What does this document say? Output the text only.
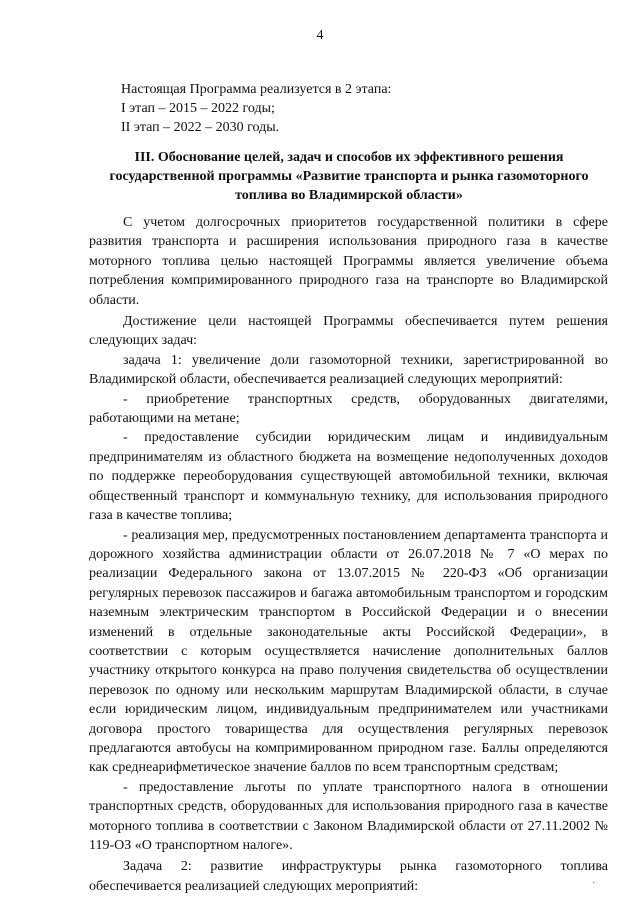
4
Настоящая Программа реализуется в 2 этапа:
I этап – 2015 – 2022 годы;
II этап – 2022 – 2030 годы.
III. Обоснование целей, задач и способов их эффективного решения государственной программы «Развитие транспорта и рынка газомоторного топлива во Владимирской области»

С учетом долгосрочных приоритетов государственной политики в сфере развития транспорта и расширения использования природного газа в качестве моторного топлива целью настоящей Программы является увеличение объема потребления компримированного природного газа на транспорте во Владимирской области.

Достижение цели настоящей Программы обеспечивается путем решения следующих задач:

задача 1: увеличение доли газомоторной техники, зарегистрированной во Владимирской области, обеспечивается реализацией следующих мероприятий:

- приобретение транспортных средств, оборудованных двигателями, работающими на метане;

- предоставление субсидии юридическим лицам и индивидуальным предпринимателям из областного бюджета на возмещение недополученных доходов по поддержке переоборудования существующей автомобильной техники, включая общественный транспорт и коммунальную технику, для использования природного газа в качестве топлива;

- реализация мер, предусмотренных постановлением департамента транспорта и дорожного хозяйства администрации области от 26.07.2018 № 7 «О мерах по реализации Федерального закона от 13.07.2015 № 220-ФЗ «Об организации регулярных перевозок пассажиров и багажа автомобильным транспортом и городским наземным электрическим транспортом в Российской Федерации и о внесении изменений в отдельные законодательные акты Российской Федерации», в соответствии с которым осуществляется начисление дополнительных баллов участнику открытого конкурса на право получения свидетельства об осуществлении перевозок по одному или нескольким маршрутам Владимирской области, в случае если юридическим лицом, индивидуальным предпринимателем или участниками договора простого товарищества для осуществления регулярных перевозок предлагаются автобусы на компримированном природном газе. Баллы определяются как среднеарифметическое значение баллов по всем транспортным средствам;

- предоставление льготы по уплате транспортного налога в отношении транспортных средств, оборудованных для использования природного газа в качестве моторного топлива в соответствии с Законом Владимирской области от 27.11.2002 № 119-ОЗ «О транспортном налоге».

Задача 2: развитие инфраструктуры рынка газомоторного топлива обеспечивается реализацией следующих мероприятий:	·
